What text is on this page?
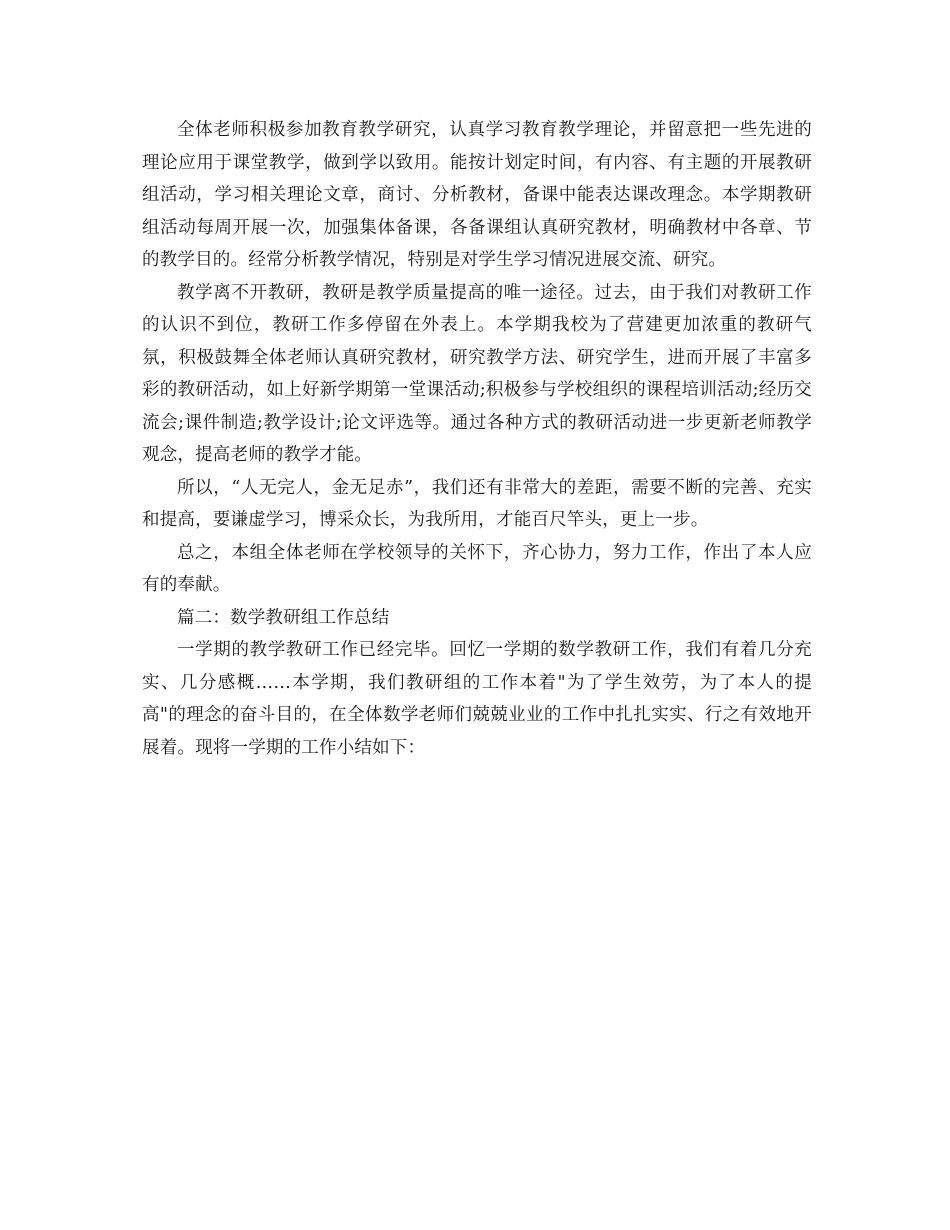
全体老师积极参加教育教学研究，认真学习教育教学理论，并留意把一些先进的理论应用于课堂教学，做到学以致用。能按计划定时间，有内容、有主题的开展教研组活动，学习相关理论文章，商讨、分析教材，备课中能表达课改理念。本学期教研组活动每周开展一次，加强集体备课，各备课组认真研究教材，明确教材中各章、节的教学目的。经常分析教学情况，特别是对学生学习情况进展交流、研究。

教学离不开教研，教研是教学质量提高的唯一途径。过去，由于我们对教研工作的认识不到位，教研工作多停留在外表上。本学期我校为了营建更加浓重的教研气氛，积极鼓舞全体老师认真研究教材，研究教学方法、研究学生，进而开展了丰富多彩的教研活动，如上好新学期第一堂课活动;积极参与学校组织的课程培训活动;经历交流会;课件制造;教学设计;论文评选等。通过各种方式的教研活动进一步更新老师教学观念，提高老师的教学才能。

所以，“人无完人，金无足赤”，我们还有非常大的差距，需要不断的完善、充实和提高，要谦虚学习，博采众长，为我所用，才能百尺竿头，更上一步。

总之，本组全体老师在学校领导的关怀下，齐心协力，努力工作，作出了本人应有的奉献。

篇二：数学教研组工作总结

一学期的教学教研工作已经完毕。回忆一学期的数学教研工作，我们有着几分充实、几分感概……本学期，我们教研组的工作本着"为了学生效劳，为了本人的提高"的理念的奋斗目的，在全体数学老师们兢兢业业的工作中扎扎实实、行之有效地开展着。现将一学期的工作小结如下：
